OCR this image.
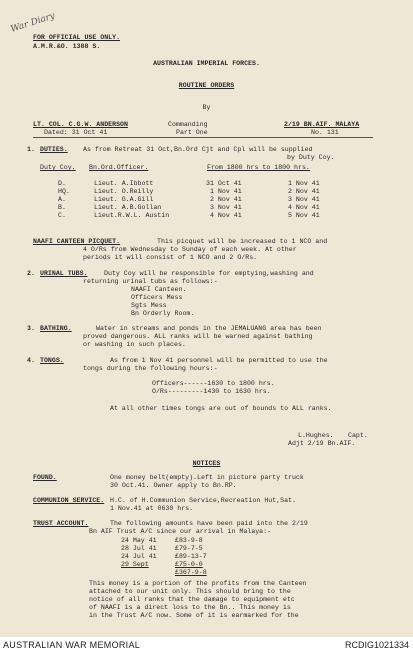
War Diary
FOR OFFICIAL USE ONLY.
A.M.R.&O. 1388 S.
AUSTRALIAN IMPERIAL FORCES.
ROUTINE ORDERS
By
LT. COL. C.G.W. ANDERSON	Commanding	2/19 BN.AIF. MALAYA
Dated: 31 Oct 41	Part One	No. 131
1. DUTIES. As from Retreat 31 Oct,Bn.Ord Cjt and Cpl will be supplied
by Duty Coy.
Duty Coy. Bn.Ord.Officer.	From 1800 hrs to 1800 hrs.
D.	Lieut. A.Ibbott	31 Oct 41	1 Nov 41
HQ.	Lieut. O.Reilly	1 Nov 41	2 Nov 41
A.	Lieut. G.A.Gill	2 Nov 41	3 Nov 41
B.	Lieut. A.B.Gollan	3 Nov 41	4 Nov 41
C.	Lieut.R.W.L. Austin	4 Nov 41	5 Nov 41
NAAFI CANTEEN PICQUET.	This picquet will be increased to 1 NCO and
4 O/Rs from Wednesday to Sunday of each week. At other
periods it will consist of 1 NCO and 2 O/Rs.
2. URINAL TUBS.	Duty Coy will be responsible for emptying,washing and
returning urinal tubs as follows:-
NAAFI Canteen.
Officers Mess
Sgts Mess
Bn Orderly Room.
3. BATHING.	Water in streams and ponds in the JEMALUANG area has been
proved dangerous. ALL ranks will be warned against bathing
or washing in such places.
4. TONGS.	As from 1 Nov 41 personnel will be permitted to use the
tongs during the following hours:-
Officers------1630 to 1800 hrs.
O/Rs---------1430 to 1630 hrs.
At all other times tongs are out of bounds to ALL ranks.
L.Hughes. Capt.
Adjt 2/19 Bn.AIF.
NOTICES
FOUND.	One money belt(empty).Left in picture party truck
30 Oct.41. Owner apply to Bn.RP.
COMMUNION SERVICE. H.C. of H.Communion Service,Recreation Hut,Sat.
1 Nov.41 at 0630 hrs.
TRUST ACCOUNT.	The following amounts have been paid into the 2/19
Bn AIF Trust A/C since our arrival in Malaya:-
24 May 41	£83-9-8
28 Jul 41	£79-7-5
24 Jul 41	£89-13-7
29 Sept	£75-0-0
£367-9-8
This money is a portion of the profits from the Canteen
attached to our unit only. This should bring to the
notice of all ranks that the damage to equipment etc
of NAAFI is a direct loss to the Bn.. This money is
in the Trust A/C now. Some of it is earmarked for the
AUSTRALIAN WAR MEMORIAL	RCDIG1021334
